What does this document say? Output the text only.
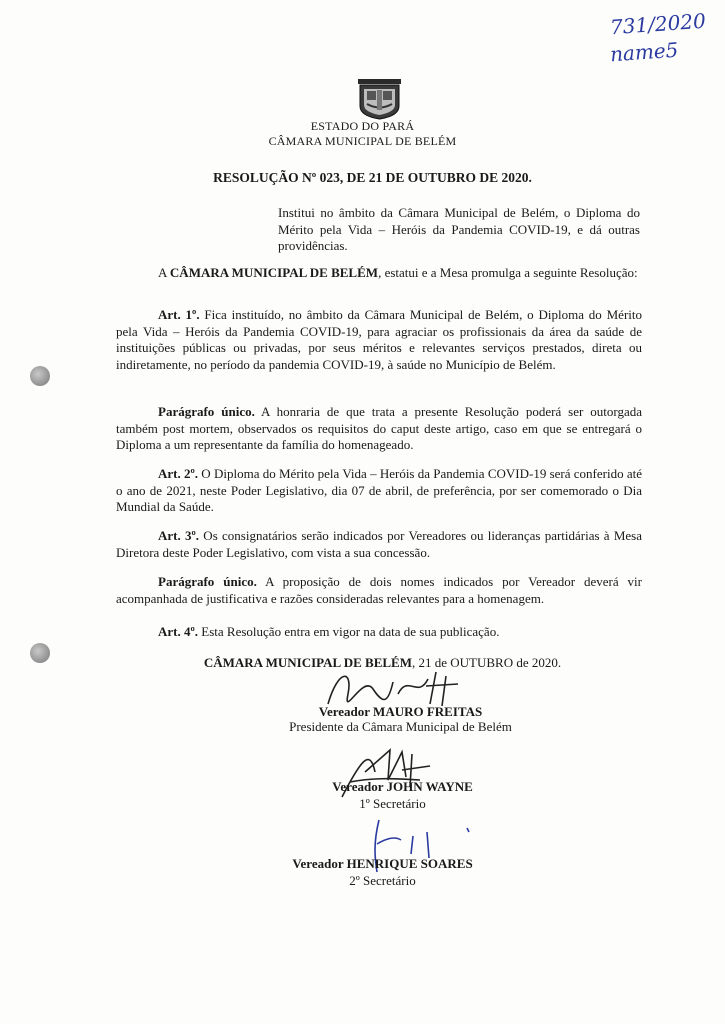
731/2020
name5
ESTADO DO PARÁ
CÂMARA MUNICIPAL DE BELÉM
RESOLUÇÃO Nº 023, DE 21 DE OUTUBRO DE 2020.
Institui no âmbito da Câmara Municipal de Belém, o Diploma do Mérito pela Vida – Heróis da Pandemia COVID-19, e dá outras providências.

A CÂMARA MUNICIPAL DE BELÉM, estatui e a Mesa promulga a seguinte Resolução:

Art. 1º. Fica instituído, no âmbito da Câmara Municipal de Belém, o Diploma do Mérito pela Vida – Heróis da Pandemia COVID-19, para agraciar os profissionais da área da saúde de instituições públicas ou privadas, por seus méritos e relevantes serviços prestados, direta ou indiretamente, no período da pandemia COVID-19, à saúde no Município de Belém.

Parágrafo único. A honraria de que trata a presente Resolução poderá ser outorgada também post mortem, observados os requisitos do caput deste artigo, caso em que se entregará o Diploma a um representante da família do homenageado.

Art. 2º. O Diploma do Mérito pela Vida – Heróis da Pandemia COVID-19 será conferido até o ano de 2021, neste Poder Legislativo, dia 07 de abril, de preferência, por ser comemorado o Dia Mundial da Saúde.

Art. 3º. Os consignatários serão indicados por Vereadores ou lideranças partidárias à Mesa Diretora deste Poder Legislativo, com vista a sua concessão.

Parágrafo único. A proposição de dois nomes indicados por Vereador deverá vir acompanhada de justificativa e razões consideradas relevantes para a homenagem.

Art. 4º. Esta Resolução entra em vigor na data de sua publicação.

CÂMARA MUNICIPAL DE BELÉM, 21 de OUTUBRO de 2020.
Vereador MAURO FREITAS
Presidente da Câmara Municipal de Belém
Vereador JOHN WAYNE
1º Secretário
Vereador HENRIQUE SOARES
2º Secretário
